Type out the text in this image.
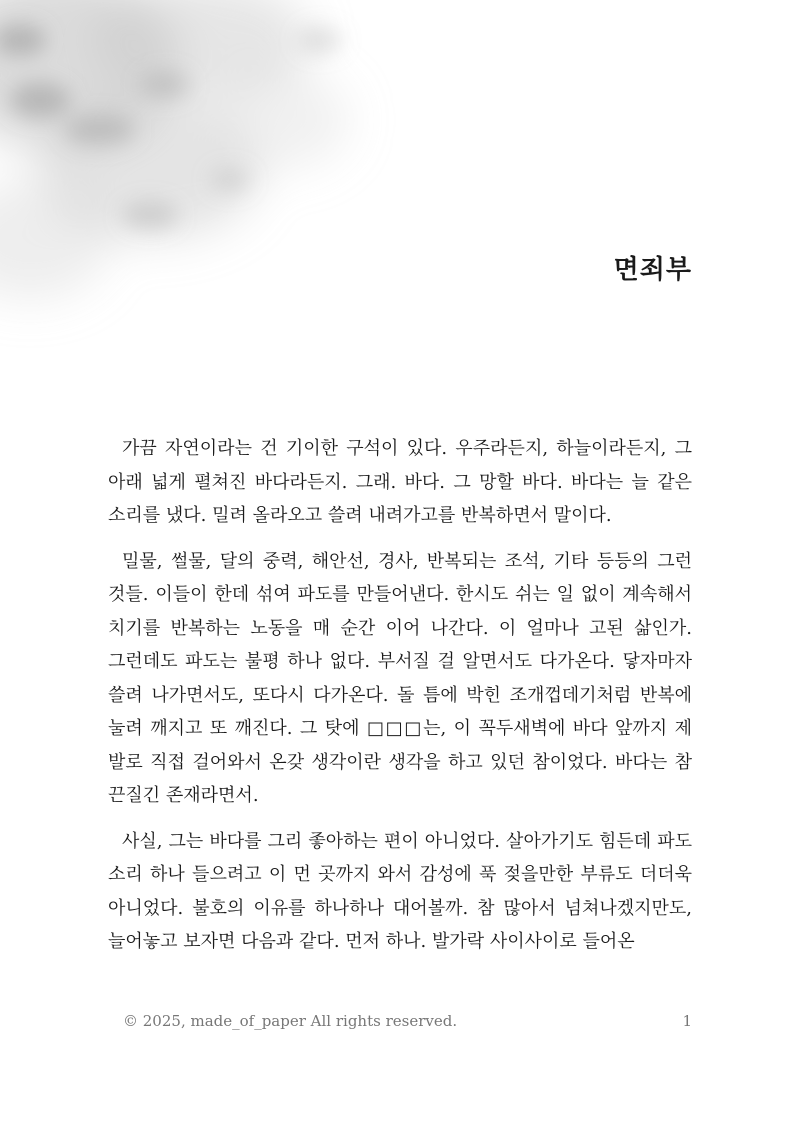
면죄부

가끔 자연이라는 건 기이한 구석이 있다. 우주라든지, 하늘이라든지, 그 아래 넓게 펼쳐진 바다라든지. 그래. 바다. 그 망할 바다. 바다는 늘 같은 소리를 냈다. 밀려 올라오고 쓸려 내려가고를 반복하면서 말이다.

밀물, 썰물, 달의 중력, 해안선, 경사, 반복되는 조석, 기타 등등의 그런 것들. 이들이 한데 섞여 파도를 만들어낸다. 한시도 쉬는 일 없이 계속해서 치기를 반복하는 노동을 매 순간 이어 나간다. 이 얼마나 고된 삶인가. 그런데도 파도는 불평 하나 없다. 부서질 걸 알면서도 다가온다. 닿자마자 쓸려 나가면서도, 또다시 다가온다. 돌 틈에 박힌 조개껍데기처럼 반복에 눌려 깨지고 또 깨진다. 그 탓에 □□□는, 이 꼭두새벽에 바다 앞까지 제 발로 직접 걸어와서 온갖 생각이란 생각을 하고 있던 참이었다. 바다는 참 끈질긴 존재라면서.

사실, 그는 바다를 그리 좋아하는 편이 아니었다. 살아가기도 힘든데 파도 소리 하나 들으려고 이 먼 곳까지 와서 감성에 푹 젖을만한 부류도 더더욱 아니었다. 불호의 이유를 하나하나 대어볼까. 참 많아서 넘쳐나겠지만도, 늘어놓고 보자면 다음과 같다. 먼저 하나. 발가락 사이사이로 들어온

© 2025, made_of_paper All rights reserved.	1
